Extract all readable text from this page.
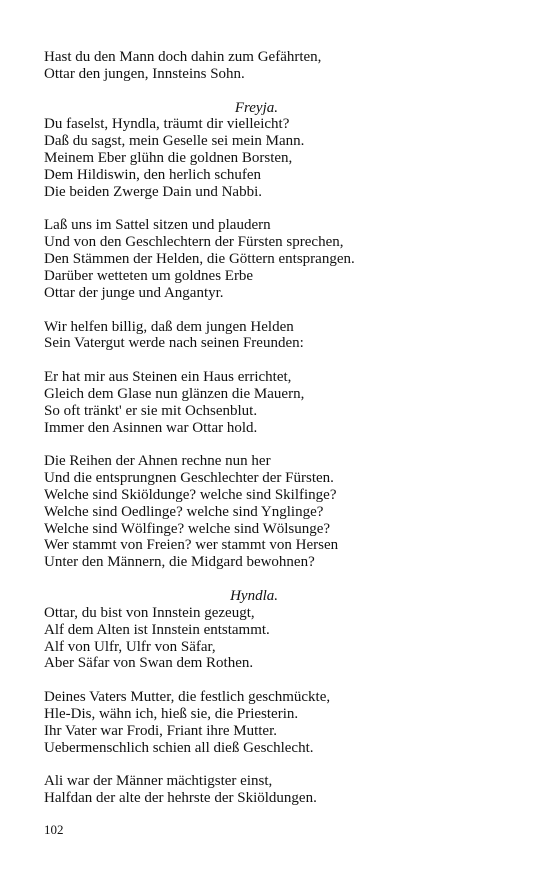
Hast du den Mann doch dahin zum Gefährten,
Ottar den jungen, Innsteins Sohn.
Freyja.
Du faselst, Hyndla, träumt dir vielleicht?
Daß du sagst, mein Geselle sei mein Mann.
Meinem Eber glühn die goldnen Borsten,
Dem Hildiswin, den herlich schufen
Die beiden Zwerge Dain und Nabbi.
Laß uns im Sattel sitzen und plaudern
Und von den Geschlechtern der Fürsten sprechen,
Den Stämmen der Helden, die Göttern entsprangen.
Darüber wetteten um goldnes Erbe
Ottar der junge und Angantyr.
Wir helfen billig, daß dem jungen Helden
Sein Vatergut werde nach seinen Freunden:
Er hat mir aus Steinen ein Haus errichtet,
Gleich dem Glase nun glänzen die Mauern,
So oft tränkt' er sie mit Ochsenblut.
Immer den Asinnen war Ottar hold.
Die Reihen der Ahnen rechne nun her
Und die entsprungnen Geschlechter der Fürsten.
Welche sind Skiöldunge? welche sind Skilfinge?
Welche sind Oedlinge? welche sind Ynglinge?
Welche sind Wölfinge? welche sind Wölsunge?
Wer stammt von Freien? wer stammt von Hersen
Unter den Männern, die Midgard bewohnen?
Hyndla.
Ottar, du bist von Innstein gezeugt,
Alf dem Alten ist Innstein entstammt.
Alf von Ulfr, Ulfr von Säfar,
Aber Säfar von Swan dem Rothen.
Deines Vaters Mutter, die festlich geschmückte,
Hle-Dis, wähn ich, hieß sie, die Priesterin.
Ihr Vater war Frodi, Friant ihre Mutter.
Uebermenschlich schien all dieß Geschlecht.
Ali war der Männer mächtigster einst,
Halfdan der alte der hehrste der Skiöldungen.
102
